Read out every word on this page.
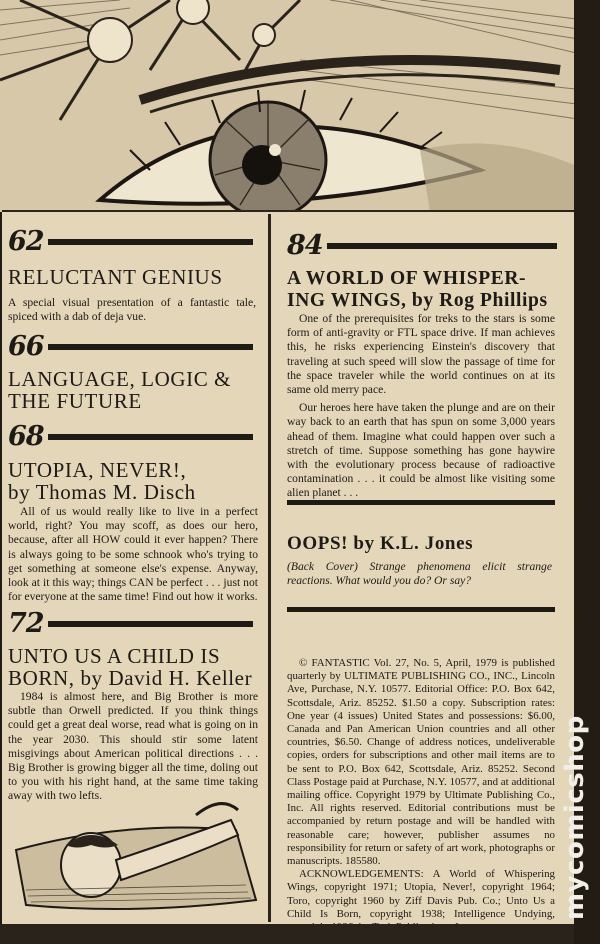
62
RELUCTANT GENIUS

A special visual presentation of a fantastic tale, spiced with a dab of deja vue.

66
LANGUAGE, LOGIC &
THE FUTURE
68
UTOPIA, NEVER!,
by Thomas M. Disch

All of us would really like to live in a perfect world, right? You may scoff, as does our hero, because, after all HOW could it ever happen? There is always going to be some schnook who's trying to get something at someone else's expense. Anyway, look at it this way; things CAN be perfect . . . just not for everyone at the same time! Find out how it works.

72
UNTO US A CHILD IS
BORN, by David H. Keller

1984 is almost here, and Big Brother is more subtle than Orwell predicted. If you think things could get a great deal worse, read what is going on in the year 2030. This should stir some latent misgivings about American political directions . . . Big Brother is growing bigger all the time, doling out to you with his right hand, at the same time taking away with two lefts.

84
A WORLD OF WHISPER-
ING WINGS, by Rog Phillips

One of the prerequisites for treks to the stars is some form of anti-gravity or FTL space drive. If man achieves this, he risks experiencing Einstein's discovery that traveling at such speed will slow the passage of time for the space traveler while the world continues on at its same old merry pace.

Our heroes here have taken the plunge and are on their way back to an earth that has spun on some 3,000 years ahead of them. Imagine what could happen over such a stretch of time. Suppose something has gone haywire with the evolutionary process because of radioactive contamination . . . it could be almost like visiting some alien planet . . .

OOPS! by K.L. Jones

(Back Cover) Strange phenomena elicit strange reactions. What would you do? Or say?

© FANTASTIC Vol. 27, No. 5, April, 1979 is published quarterly by ULTIMATE PUBLISHING CO., INC., Lincoln Ave, Purchase, N.Y. 10577. Editorial Office: P.O. Box 642, Scottsdale, Ariz. 85252. $1.50 a copy. Subscription rates: One year (4 issues) United States and possessions: $6.00, Canada and Pan American Union countries and all other countries, $6.50. Change of address notices, undeliverable copies, orders for subscriptions and other mail items are to be sent to P.O. Box 642, Scottsdale, Ariz. 85252. Second Class Postage paid at Purchase, N.Y. 10577, and at additional mailing office. Copyright 1979 by Ultimate Publishing Co., Inc. All rights reserved. Editorial contributions must be accompanied by return postage and will be handled with reasonable care; however, publisher assumes no responsibility for return or safety of art work, photographs or manuscripts. 185580.

ACKNOWLEDGEMENTS: A World of Whispering Wings, copyright 1971; Utopia, Never!, copyright 1964; Toro, copyright 1960 by Ziff Davis Pub. Co.; Unto Us a Child Is Born, copyright 1938; Intelligence Undying, mycomicshop
